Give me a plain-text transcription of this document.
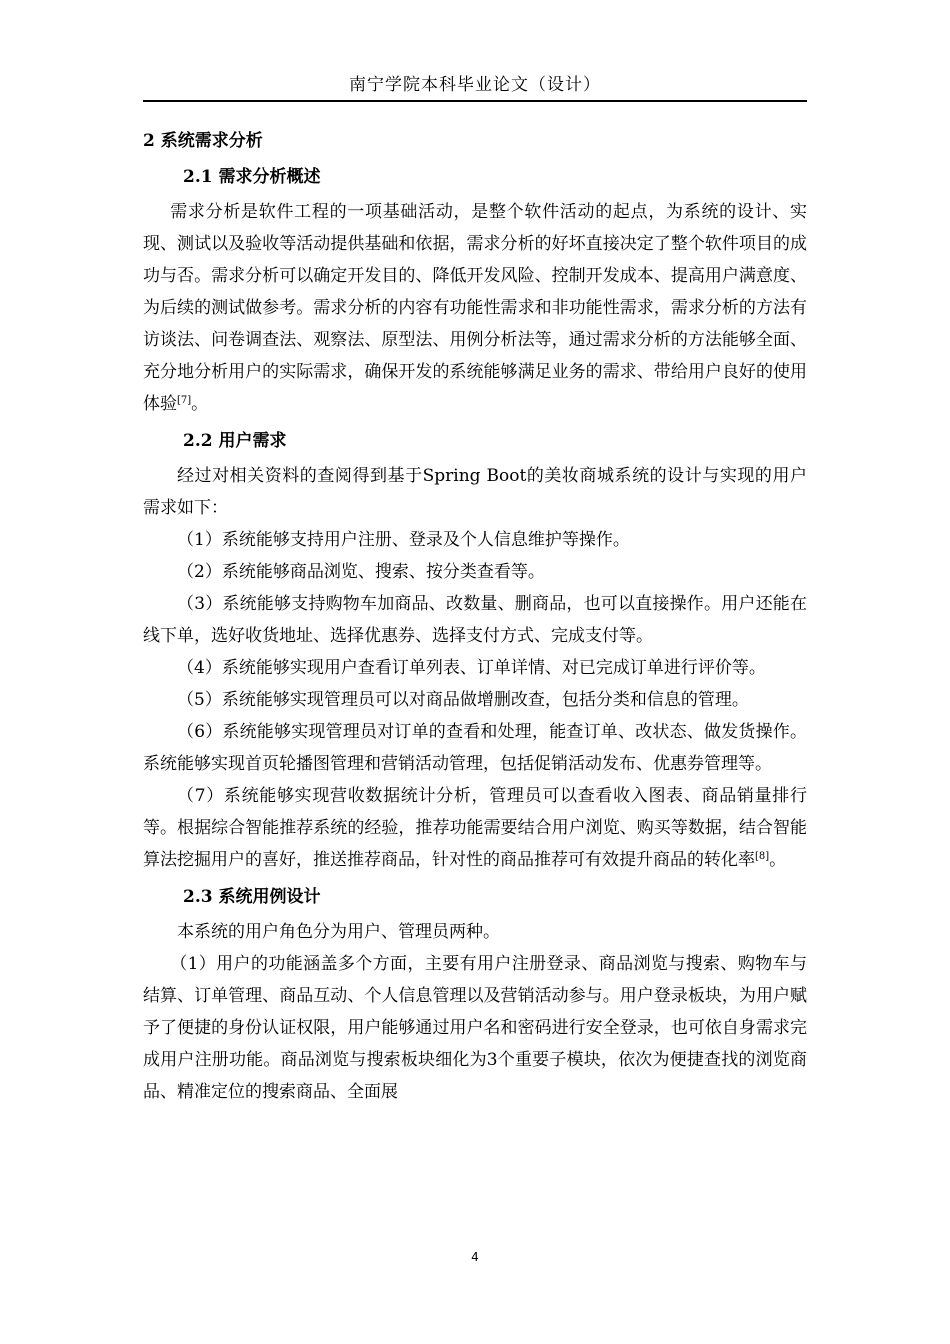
南宁学院本科毕业论文（设计）
2 系统需求分析
2.1 需求分析概述

需求分析是软件工程的一项基础活动，是整个软件活动的起点，为系统的设计、实现、测试以及验收等活动提供基础和依据，需求分析的好坏直接决定了整个软件项目的成功与否。需求分析可以确定开发目的、降低开发风险、控制开发成本、提高用户满意度、为后续的测试做参考。需求分析的内容有功能性需求和非功能性需求，需求分析的方法有访谈法、问卷调查法、观察法、原型法、用例分析法等，通过需求分析的方法能够全面、充分地分析用户的实际需求，确保开发的系统能够满足业务的需求、带给用户良好的使用体验[7]。

2.2 用户需求

经过对相关资料的查阅得到基于Spring Boot的美妆商城系统的设计与实现的用户需求如下：

（1）系统能够支持用户注册、登录及个人信息维护等操作。

（2）系统能够商品浏览、搜索、按分类查看等。

（3）系统能够支持购物车加商品、改数量、删商品，也可以直接操作。用户还能在线下单，选好收货地址、选择优惠券、选择支付方式、完成支付等。

（4）系统能够实现用户查看订单列表、订单详情、对已完成订单进行评价等。

（5）系统能够实现管理员可以对商品做增删改查，包括分类和信息的管理。

（6）系统能够实现管理员对订单的查看和处理，能查订单、改状态、做发货操作。系统能够实现首页轮播图管理和营销活动管理，包括促销活动发布、优惠券管理等。

（7）系统能够实现营收数据统计分析，管理员可以查看收入图表、商品销量排行等。根据综合智能推荐系统的经验，推荐功能需要结合用户浏览、购买等数据，结合智能算法挖掘用户的喜好，推送推荐商品，针对性的商品推荐可有效提升商品的转化率[8]。

2.3 系统用例设计

本系统的用户角色分为用户、管理员两种。

（1）用户的功能涵盖多个方面，主要有用户注册登录、商品浏览与搜索、购物车与结算、订单管理、商品互动、个人信息管理以及营销活动参与。用户登录板块，为用户赋予了便捷的身份认证权限，用户能够通过用户名和密码进行安全登录，也可依自身需求完成用户注册功能。商品浏览与搜索板块细化为3个重要子模块，依次为便捷查找的浏览商品、精准定位的搜索商品、全面展

4
